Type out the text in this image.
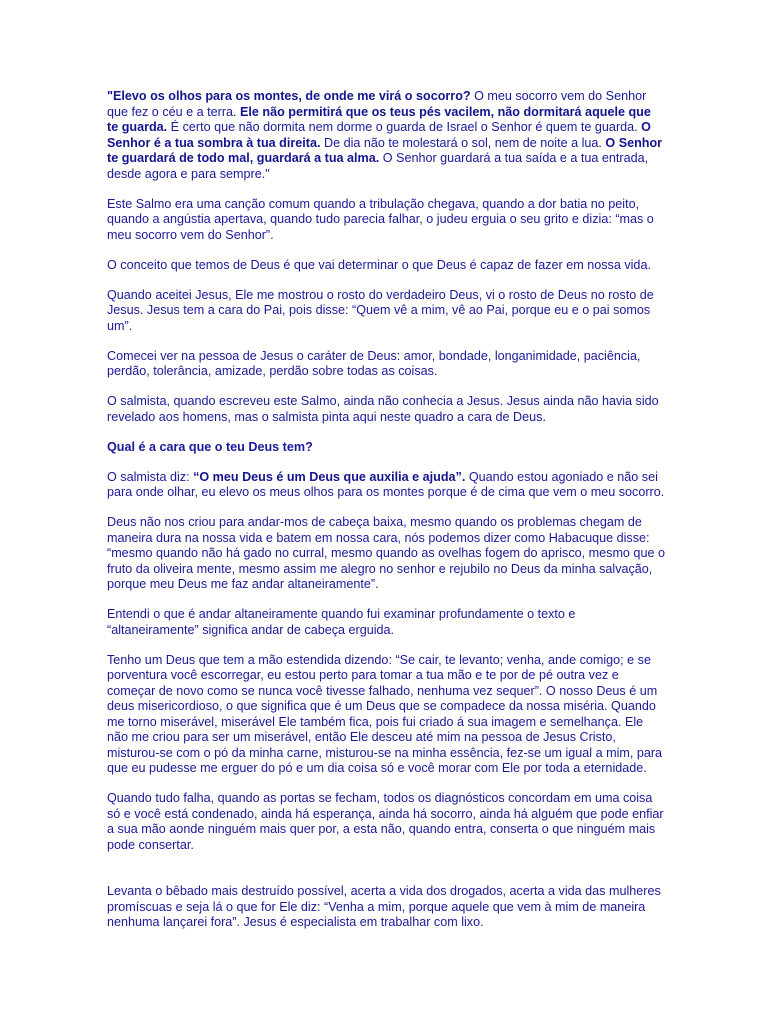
"Elevo os olhos para os montes, de onde me virá o socorro? O meu socorro vem do Senhor que fez o céu e a terra. Ele não permitirá que os teus pés vacilem, não dormitará aquele que te guarda. É certo que não dormita nem dorme o guarda de Israel o Senhor é quem te guarda. O Senhor é a tua sombra à tua direita. De dia não te molestará o sol, nem de noite a lua. O Senhor te guardará de todo mal, guardará a tua alma. O Senhor guardará a tua saída e a tua entrada, desde agora e para sempre."

Este Salmo era uma canção comum quando a tribulação chegava, quando a dor batia no peito, quando a angústia apertava, quando tudo parecia falhar, o judeu erguia o seu grito e dizia: “mas o meu socorro vem do Senhor”.

O conceito que temos de Deus é que vai determinar o que Deus é capaz de fazer em nossa vida.

Quando aceitei Jesus, Ele me mostrou o rosto do verdadeiro Deus, vi o rosto de Deus no rosto de Jesus. Jesus tem a cara do Pai, pois disse: “Quem vê a mim, vê ao Pai, porque eu e o pai somos um”.

Comecei ver na pessoa de Jesus o caráter de Deus: amor, bondade, longanimidade, paciência, perdão, tolerância, amizade, perdão sobre todas as coisas.

O salmista, quando escreveu este Salmo, ainda não conhecia a Jesus. Jesus ainda não havia sido revelado aos homens, mas o salmista pinta aqui neste quadro a cara de Deus.

Qual é a cara que o teu Deus tem?

O salmista diz: “O meu Deus é um Deus que auxilia e ajuda”. Quando estou agoniado e não sei para onde olhar, eu elevo os meus olhos para os montes porque é de cima que vem o meu socorro.

Deus não nos criou para andar-mos de cabeça baixa, mesmo quando os problemas chegam de maneira dura na nossa vida e batem em nossa cara, nós podemos dizer como Habacuque disse: “mesmo quando não há gado no curral, mesmo quando as ovelhas fogem do aprisco, mesmo que o fruto da oliveira mente, mesmo assim me alegro no senhor e rejubilo no Deus da minha salvação, porque meu Deus me faz andar altaneiramente”.

Entendi o que é andar altaneiramente quando fui examinar profundamente o texto e “altaneiramente” significa andar de cabeça erguida.

Tenho um Deus que tem a mão estendida dizendo: “Se cair, te levanto; venha, ande comigo; e se porventura você escorregar, eu estou perto para tomar a tua mão e te por de pé outra vez e começar de novo como se nunca você tivesse falhado, nenhuma vez sequer”. O nosso Deus é um deus misericordioso, o que significa que é um Deus que se compadece da nossa miséria. Quando me torno miserável, miserável Ele também fica, pois fui criado á sua imagem e semelhança. Ele não me criou para ser um miserável, então Ele desceu até mim na pessoa de Jesus Cristo, misturou-se com o pó da minha carne, misturou-se na minha essência, fez-se um igual a mim, para que eu pudesse me erguer do pó e um dia coisa só e você morar com Ele por toda a eternidade.

Quando tudo falha, quando as portas se fecham, todos os diagnósticos concordam em uma coisa só e você está condenado, ainda há esperança, ainda há socorro, ainda há alguém que pode enfiar a sua mão aonde ninguém mais quer por, a esta não, quando entra, conserta o que ninguém mais pode consertar.

Levanta o bêbado mais destruído possível, acerta a vida dos drogados, acerta a vida das mulheres promíscuas e seja lá o que for Ele diz: “Venha a mim, porque aquele que vem à mim de maneira nenhuma lançarei fora”. Jesus é especialista em trabalhar com lixo.
